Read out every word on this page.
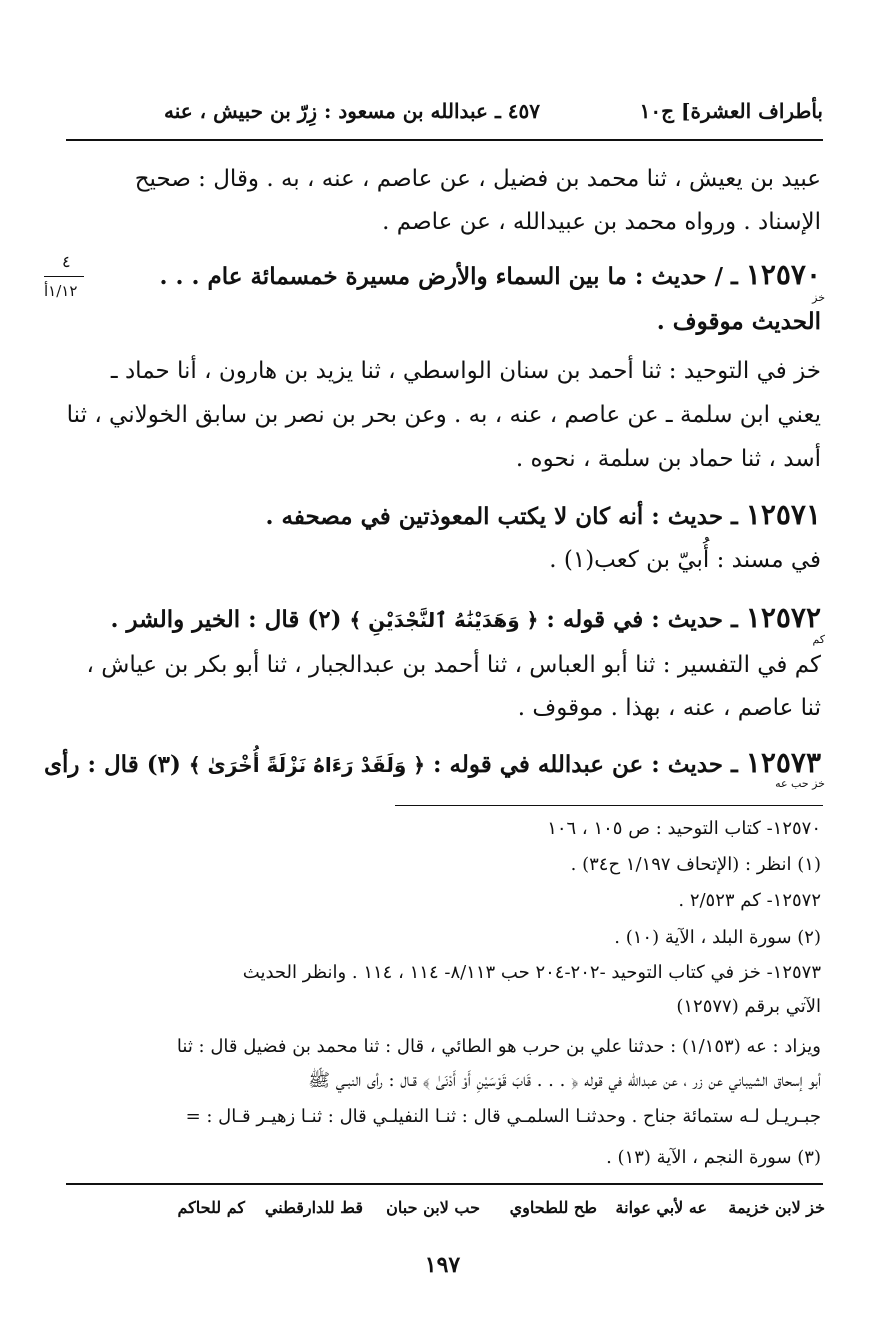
بأطراف العشرة] ج١٠
٤٥٧ ـ عبدالله بن مسعود : زِرّ بن حبيش ، عنه
عبيد بن يعيش ، ثنا محمد بن فضيل ، عن عاصم ، عنه ، به . وقال : صحيح
الإسناد . ورواه محمد بن عبيدالله ، عن عاصم .
٤
١/١٢أ	١٢٥٧٠ ـ / حديث : ما بين السماء والأرض مسيرة خمسمائة عام . . .
خز
الحديث موقوف .
خز في التوحيد : ثنا أحمد بن سنان الواسطي ، ثنا يزيد بن هارون ، أنا حماد ـ
يعني ابن سلمة ـ عن عاصم ، عنه ، به . وعن بحر بن نصر بن سابق الخولاني ، ثنا
أسد ، ثنا حماد بن سلمة ، نحوه .
١٢٥٧١ ـ حديث : أنه كان لا يكتب المعوذتين في مصحفه .
في مسند : أُبيّ بن كعب(١) .
١٢٥٧٢ ـ حديث : في قوله : ﴿ وَهَدَيْنَٰهُ ٱلنَّجْدَيْنِ ﴾ (٢) قال : الخير والشر .
كم
كم في التفسير : ثنا أبو العباس ، ثنا أحمد بن عبدالجبار ، ثنا أبو بكر بن عياش ،
ثنا عاصم ، عنه ، بهذا . موقوف .
١٢٥٧٣ ـ حديث : عن عبدالله في قوله : ﴿ وَلَقَدْ رَءَاهُ نَزْلَةً أُخْرَىٰ ﴾ (٣) قال : رأى
خز حب عه
١٢٥٧٠- كتاب التوحيد : ص ١٠٥ ، ١٠٦
(١) انظر : (الإتحاف ١/١٩٧ ح٣٤) .
١٢٥٧٢- كم ٢/٥٢٣ .
(٢) سورة البلد ، الآية (١٠) .
١٢٥٧٣- خز في كتاب التوحيد -٢٠٢-٢٠٤ حب ٨/١١٣- ١١٤ ، ١١٤ . وانظر الحديث
الآتي برقم (١٢٥٧٧)
ويزاد : عه (١/١٥٣) : حدثنا علي بن حرب هو الطائي ، قال : ثنا محمد بن فضيل قال : ثنا
أبو إسحاق الشيباني عن زر ، عن عبدالله في قوله ﴿ . . . قَابَ قَوْسَيْنِ أَوْ أَدْنَىٰ ﴾ قـال : رأى النبـي ﷺ
جبـريـل لـه ستمائة جناح . وحدثنـا السلمـي قال : ثنـا النفيلـي قال : ثنـا زهيـر قـال : =
(٣) سورة النجم ، الآية (١٣) .
خز لابن خزيمة
عه لأبي عوانة
طح للطحاوي
حب لابن حبان
قط للدارقطني
كم للحاكم
١٩٧
